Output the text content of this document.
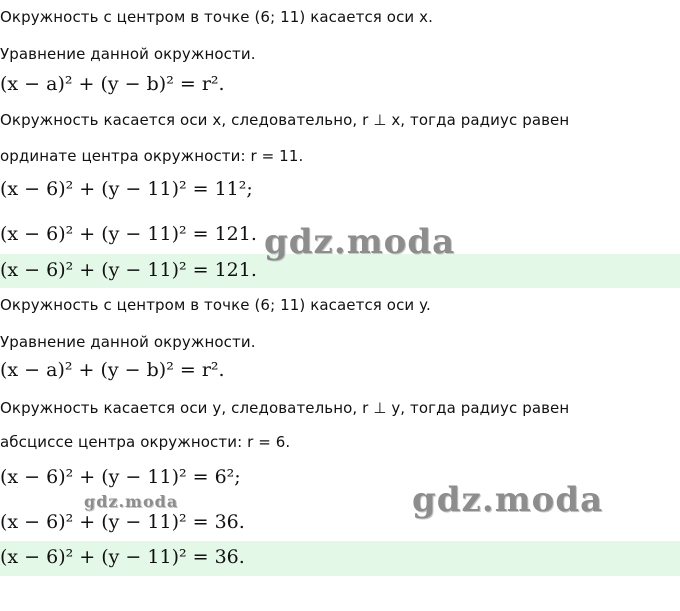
Окружность с центром в точке (6; 11) касается оси x.
Уравнение данной окружности.
(x − a)² + (y − b)² = r².
Окружность касается оси x, следовательно, r ⊥ x, тогда радиус равен
ординате центра окружности: r = 11.
(x − 6)² + (y − 11)² = 11²;
(x − 6)² + (y − 11)² = 121.
(x − 6)² + (y − 11)² = 121.
Окружность с центром в точке (6; 11) касается оси y.
Уравнение данной окружности.
(x − a)² + (y − b)² = r².
Окружность касается оси y, следовательно, r ⊥ y, тогда радиус равен
абсциссе центра окружности: r = 6.
(x − 6)² + (y − 11)² = 6²;
(x − 6)² + (y − 11)² = 36.
(x − 6)² + (y − 11)² = 36.
gdz.moda
gdz.moda
gdz.moda
